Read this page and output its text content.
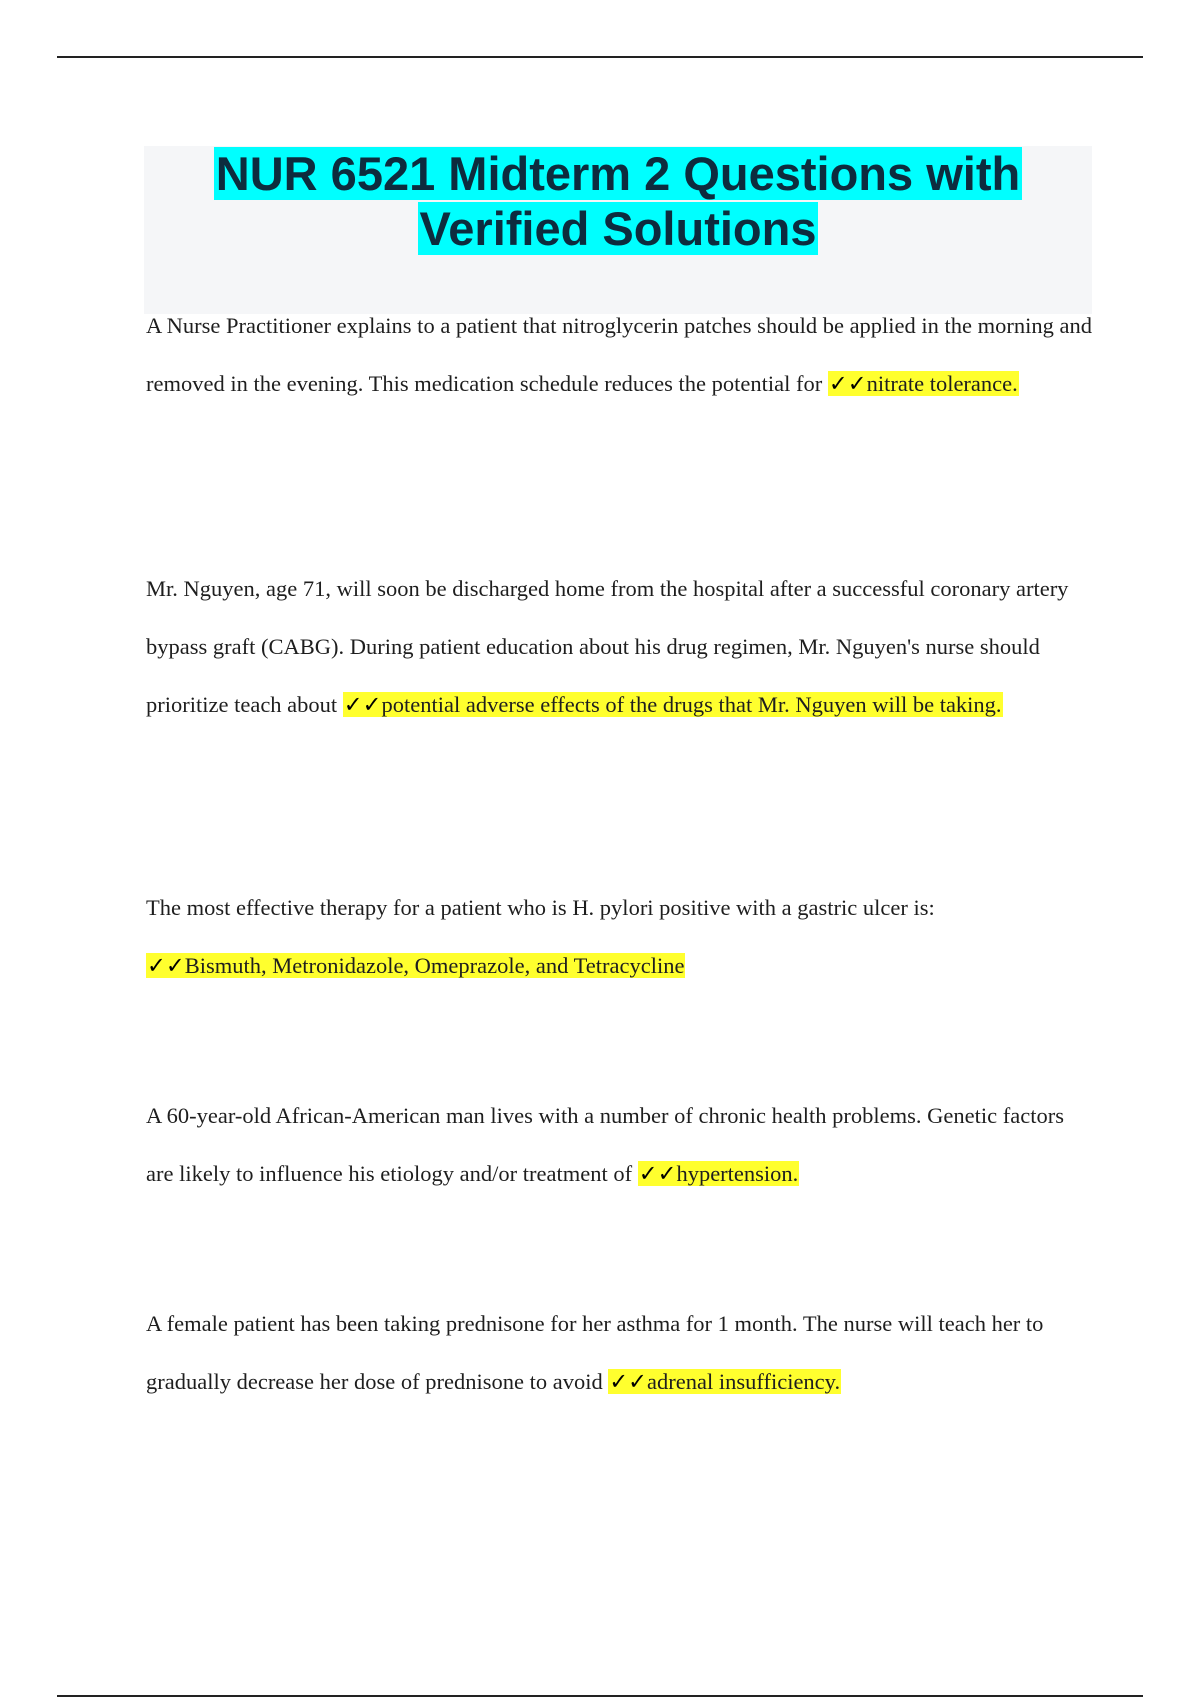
NUR 6521 Midterm 2 Questions with
Verified Solutions

A Nurse Practitioner explains to a patient that nitroglycerin patches should be applied in the morning and removed in the evening. This medication schedule reduces the potential for ✓✓nitrate tolerance.

Mr. Nguyen, age 71, will soon be discharged home from the hospital after a successful coronary artery bypass graft (CABG). During patient education about his drug regimen, Mr. Nguyen's nurse should prioritize teach about ✓✓potential adverse effects of the drugs that Mr. Nguyen will be taking.

The most effective therapy for a patient who is H. pylori positive with a gastric ulcer is:
✓✓Bismuth, Metronidazole, Omeprazole, and Tetracycline

A 60-year-old African-American man lives with a number of chronic health problems. Genetic factors are likely to influence his etiology and/or treatment of ✓✓hypertension.

A female patient has been taking prednisone for her asthma for 1 month. The nurse will teach her to gradually decrease her dose of prednisone to avoid ✓✓adrenal insufficiency.
